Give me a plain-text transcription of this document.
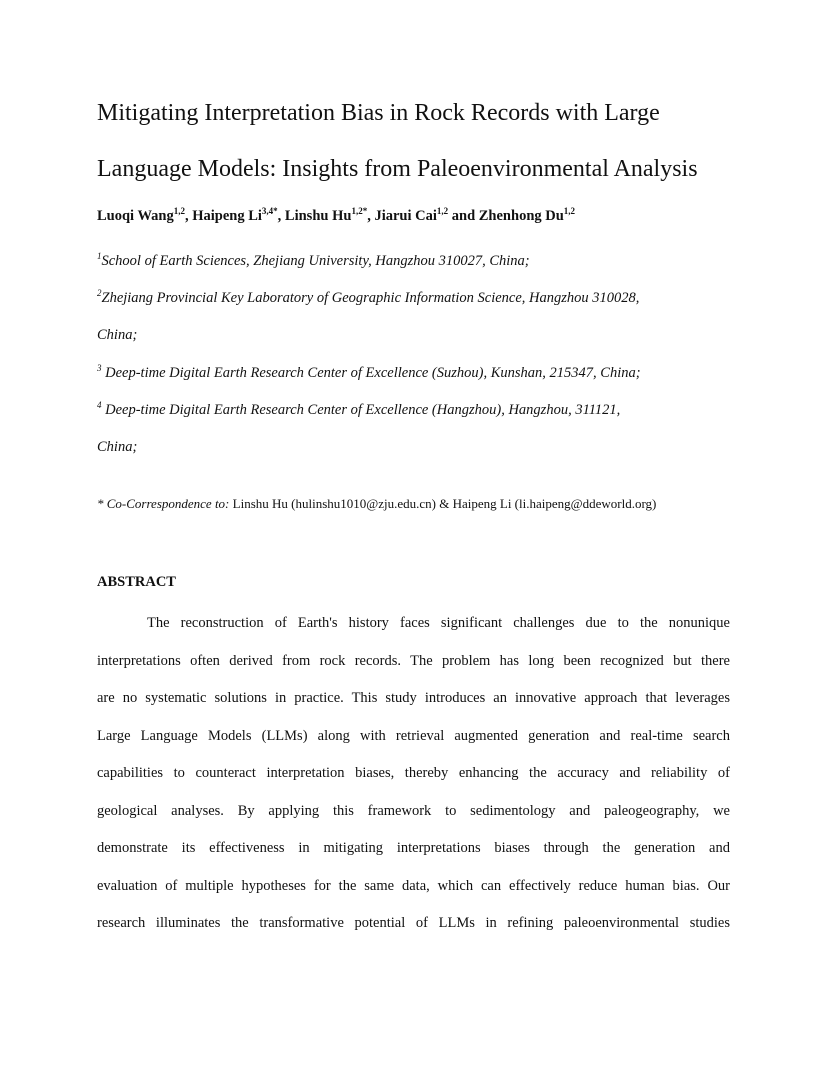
Mitigating Interpretation Bias in Rock Records with Large
Language Models: Insights from Paleoenvironmental Analysis
Luoqi Wang$^{1,2}$, Haipeng $Li^{3,4*}$, Linshu $Hu^{1,2*}$, Jiarui Cai$^{1,2}$ and Zhenhong Du$^{1,2}$
$^1$School of Earth Sciences, Zhejiang University, Hangzhou 310027, China;
$^2$Zhejiang Provincial Key Laboratory of Geographic Information Science, Hangzhou 310028,
China;
$^3$ Deep-time Digital Earth Research Center of Excellence (Suzhou), Kunshan, 215347, China;
$^4$ Deep-time Digital Earth Research Center of Excellence (Hangzhou), Hangzhou, 311121,
China;
* Co-Correspondence to: Linshu Hu (hulinshu1010@zju.edu.cn) & Haipeng Li (li.haipeng@ddeworld.org)
ABSTRACT
The reconstruction of Earth's history faces significant challenges due to the nonunique
interpretations often derived from rock records. The problem has long been recognized but there
are no systematic solutions in practice. This study introduces an innovative approach that leverages
Large Language Models (LLMs) along with retrieval augmented generation and real-time search
capabilities to counteract interpretation biases, thereby enhancing the accuracy and reliability of
geological analyses. By applying this framework to sedimentology and paleogeography, we
demonstrate its effectiveness in mitigating interpretations biases through the generation and
evaluation of multiple hypotheses for the same data, which can effectively reduce human bias. Our
research illuminates the transformative potential of LLMs in refining paleoenvironmental studies
